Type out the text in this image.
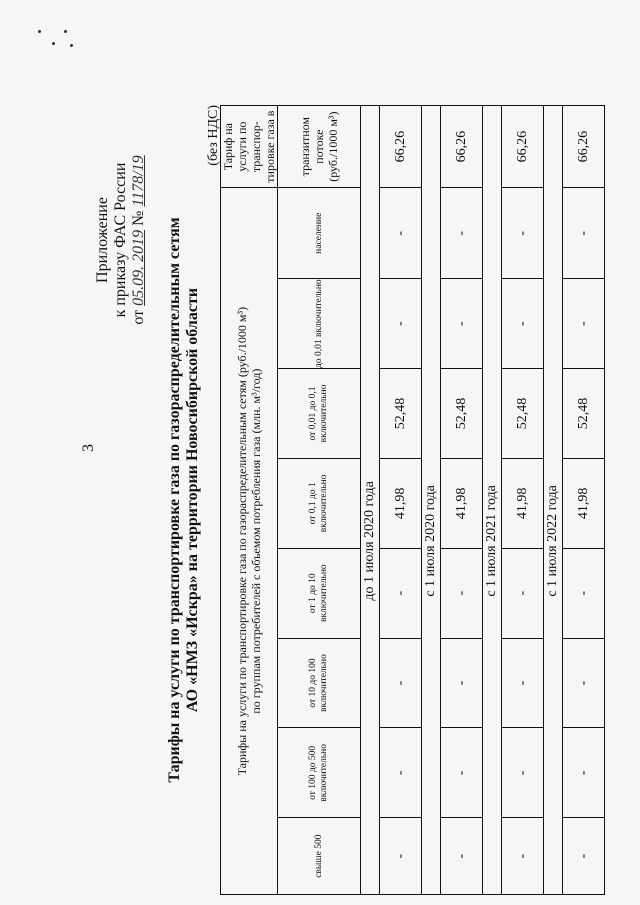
3
Приложение к приказу ФАС России от 05.09. 2019 № 1178/19
Тарифы на услуги по транспортировке газа по газораспределительным сетям АО «НМЗ «Искра» на территории Новосибирской области
(без НДС)
Тарифы на услуги по транспортировке газа по газораспределительным сетям (руб./1000 м³) по группам потребителей с объемом потребления газа (млн. м³/год)								Тариф на услуги по транспор-тировке газа в
свыше 500	от 100 до 500 включительно	от 10 до 100 включительно	от 1 до 10 включительно	от 0,1 до 1 включительно	от 0,01 до 0,1 включительно	до 0,01 включительно	население	транзитном потоке (руб./1000 м³)
до 1 июля 2020 года								
-	-	-	-	41,98	52,48	-	-	66,26
с 1 июля 2020 года								
-	-	-	-	41,98	52,48	-	-	66,26
с 1 июля 2021 года								
-	-	-	-	41,98	52,48	-	-	66,26
с 1 июля 2022 года								
-	-	-	-	41,98	52,48	-	-	66,26
